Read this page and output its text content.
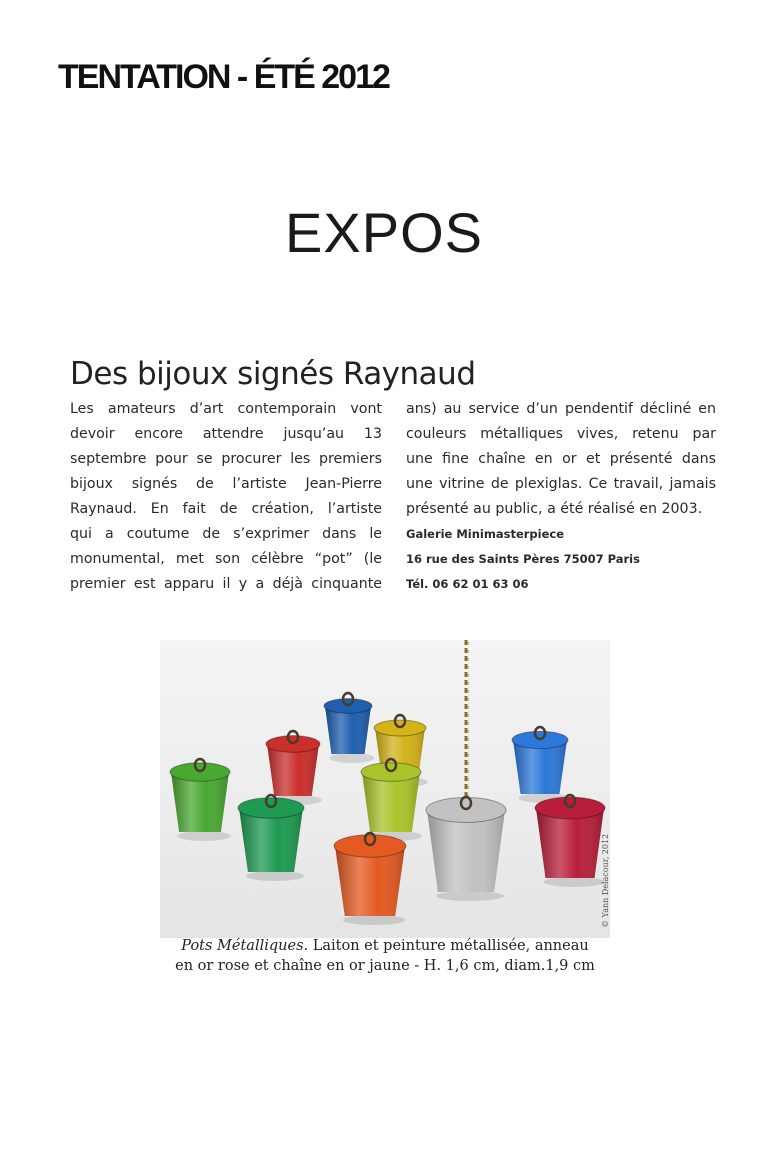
TENTATION - ÉTÉ 2012
EXPOS
Des bijoux signés Raynaud
Les amateurs d’art contemporain vont
devoir encore attendre jusqu’au 13
septembre pour se procurer les premiers
bijoux signés de l’artiste Jean-Pierre
Raynaud. En fait de création, l’artiste
qui a coutume de s’exprimer dans le
monumental, met son célèbre “pot” (le
premier est apparu il y a déjà cinquante
ans) au service d’un pendentif décliné en
couleurs métalliques vives, retenu par
une fine chaîne en or et présenté dans
une vitrine de plexiglas. Ce travail, jamais
présenté au public, a été réalisé en 2003.
Galerie Minimasterpiece
16 rue des Saints Pères 75007 Paris
Tél. 06 62 01 63 06
© Yann Delacour, 2012
Pots Métalliques. Laiton et peinture métallisée, anneau
en or rose et chaîne en or jaune - H. 1,6 cm, diam.1,9 cm
